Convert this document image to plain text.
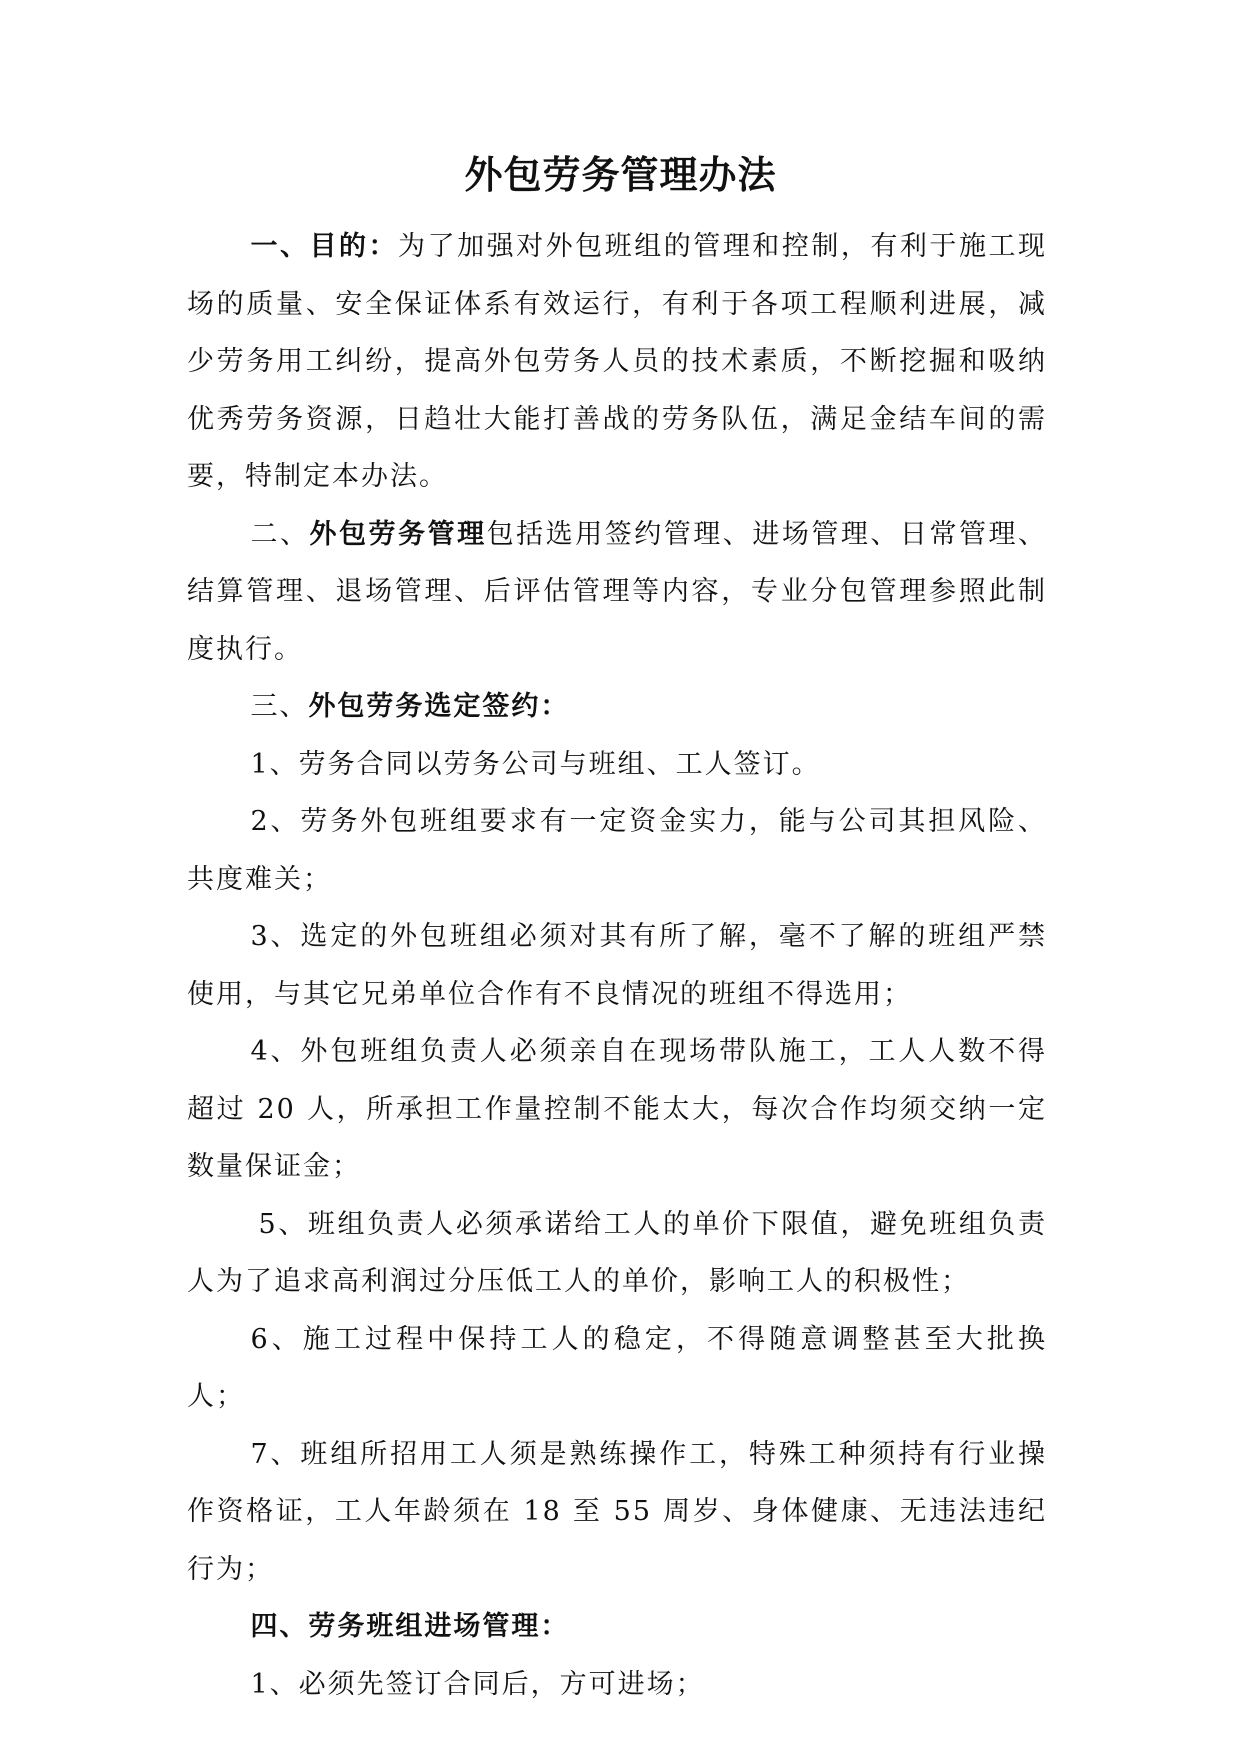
外包劳务管理办法

一、目的：为了加强对外包班组的管理和控制，有利于施工现场的质量、安全保证体系有效运行，有利于各项工程顺利进展，减少劳务用工纠纷，提高外包劳务人员的技术素质，不断挖掘和吸纳优秀劳务资源，日趋壮大能打善战的劳务队伍，满足金结车间的需要，特制定本办法。

二、外包劳务管理包括选用签约管理、进场管理、日常管理、结算管理、退场管理、后评估管理等内容，专业分包管理参照此制度执行。

三、外包劳务选定签约：

1、劳务合同以劳务公司与班组、工人签订。

2、劳务外包班组要求有一定资金实力，能与公司其担风险、共度难关；

3、选定的外包班组必须对其有所了解，毫不了解的班组严禁使用，与其它兄弟单位合作有不良情况的班组不得选用；

4、外包班组负责人必须亲自在现场带队施工，工人人数不得超过 20 人，所承担工作量控制不能太大，每次合作均须交纳一定数量保证金；

5、班组负责人必须承诺给工人的单价下限值，避免班组负责人为了追求高利润过分压低工人的单价，影响工人的积极性；

6、施工过程中保持工人的稳定，不得随意调整甚至大批换人；

7、班组所招用工人须是熟练操作工，特殊工种须持有行业操作资格证，工人年龄须在 18 至 55 周岁、身体健康、无违法违纪行为；

四、劳务班组进场管理：

1、必须先签订合同后，方可进场；
